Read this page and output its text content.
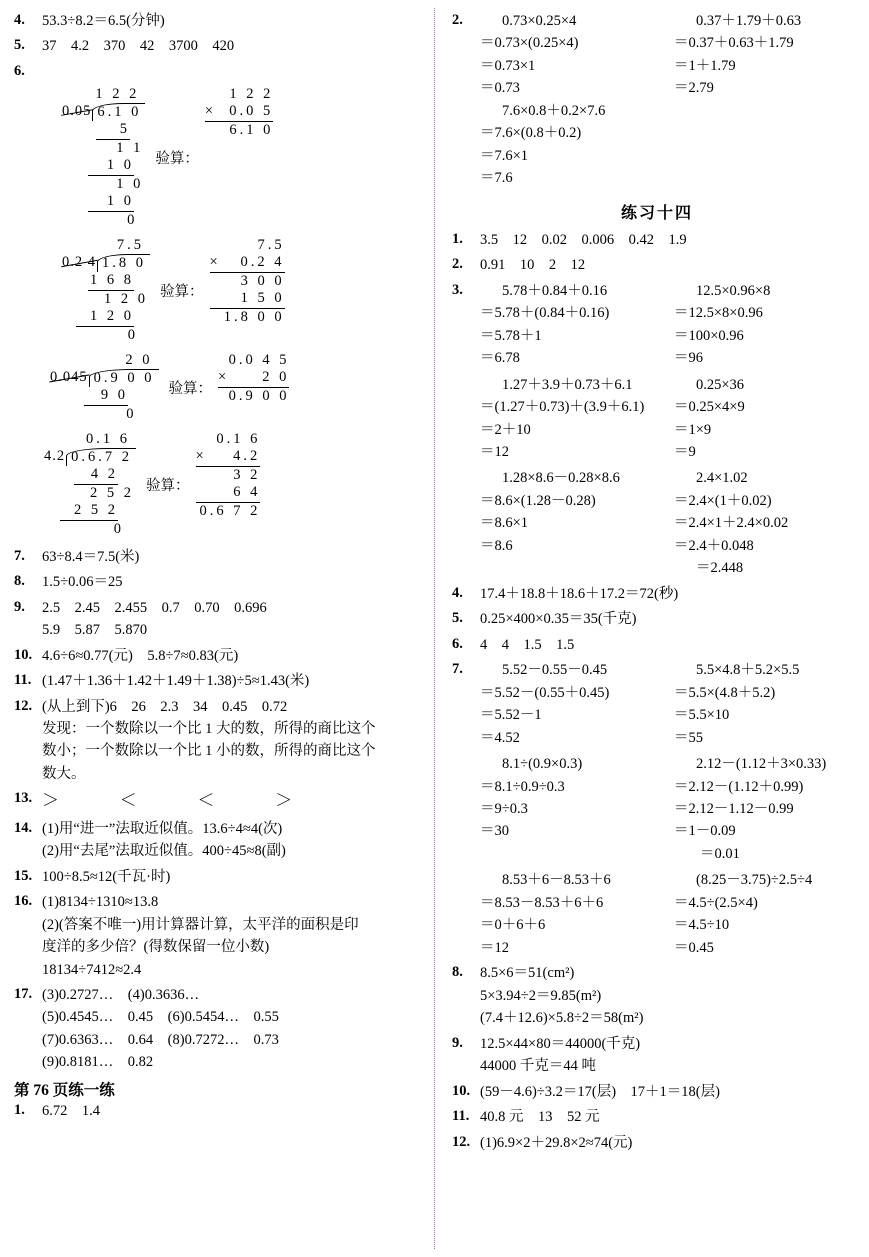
4.	53.3÷8.2＝6.5(分钟)
5.	37    4.2    370    42    3700    420
6.
1 2 2
0.05 6.1 0
5
1 1
1 0
1 0
1 0
0
验算：
1 2 2
×  0.0 5
6.1 0
7.5
0.2 4 1.8 0
1 6 8
1 2 0
1 2 0
0
验算：
7.5
×   0.2 4
3 0 0
1 5 0
1.8 0 0
2 0
0.045 0.9 0 0
9 0
0
验算：
0.0 4 5
×     2 0
0.9 0 0
0.1 6
4.2 0.6.7 2
4 2
2 5 2
2 5 2
0
验算：
0.1 6
×    4.2
3 2
6 4
0.6 7 2
7.	63÷8.4＝7.5(米)
8.	1.5÷0.06＝25
9.	2.5    2.45    2.455    0.7    0.70    0.696
5.9    5.87    5.870
10. 4.6÷6≈0.77(元)    5.8÷7≈0.83(元)
11. (1.47＋1.36＋1.42＋1.49＋1.38)÷5≈1.43(米)
12. (从上到下)6    26    2.3    34    0.45    0.72
发现：一个数除以一个比 1 大的数，所得的商比这个
数小；一个数除以一个比 1 小的数，所得的商比这个
数大。
13. ＞   ＜   ＜   ＞
14. (1)用“进一”法取近似值。13.6÷4≈4(次)
(2)用“去尾”法取近似值。400÷45≈8(副)
15. 100÷8.5≈12(千瓦·时)
16. (1)8134÷1310≈13.8
(2)(答案不唯一)用计算器计算，太平洋的面积是印
度洋的多少倍？(得数保留一位小数)
18134÷7412≈2.4
17. (3)0.2727…    (4)0.3636…
(5)0.4545…    0.45    (6)0.5454…    0.55
(7)0.6363…    0.64    (8)0.7272…    0.73
(9)0.8181…    0.82
第 76 页练一练
1.	6.72    1.4
2.	0.73×0.25×4
＝0.73×(0.25×4)
＝0.73×1
＝0.73
0.37＋1.79＋0.63
＝0.37＋0.63＋1.79
＝1＋1.79
＝2.79
7.6×0.8＋0.2×7.6
＝7.6×(0.8＋0.2)
＝7.6×1
＝7.6
练习十四
1.	3.5    12    0.02    0.006    0.42    1.9
2.	0.91    10    2    12
3.	5.78＋0.84＋0.16
＝5.78＋(0.84＋0.16)
＝5.78＋1
＝6.78
12.5×0.96×8
＝12.5×8×0.96
＝100×0.96
＝96
1.27＋3.9＋0.73＋6.1
＝(1.27＋0.73)＋(3.9＋6.1)
＝2＋10
＝12
0.25×36
＝0.25×4×9
＝1×9
＝9
1.28×8.6－0.28×8.6
＝8.6×(1.28－0.28)
＝8.6×1
＝8.6
2.4×1.02
＝2.4×(1＋0.02)
＝2.4×1＋2.4×0.02
＝2.4＋0.048
＝2.448
4.	17.4＋18.8＋18.6＋17.2＝72(秒)
5.	0.25×400×0.35＝35(千克)
6.	4    4    1.5    1.5
7.	5.52－0.55－0.45
＝5.52－(0.55＋0.45)
＝5.52－1
＝4.52
5.5×4.8＋5.2×5.5
＝5.5×(4.8＋5.2)
＝5.5×10
＝55
8.1÷(0.9×0.3)
＝8.1÷0.9÷0.3
＝9÷0.3
＝30
2.12－(1.12＋3×0.33)
＝2.12－(1.12＋0.99)
＝2.12－1.12－0.99
＝1－0.09
＝0.01
8.53＋6－8.53＋6
＝8.53－8.53＋6＋6
＝0＋6＋6
＝12
(8.25－3.75)÷2.5÷4
＝4.5÷(2.5×4)
＝4.5÷10
＝0.45
8.	8.5×6＝51(cm²)
5×3.94÷2＝9.85(m²)
(7.4＋12.6)×5.8÷2＝58(m²)
9.	12.5×44×80＝44000(千克)
44000 千克＝44 吨
10. (59－4.6)÷3.2＝17(层)    17＋1＝18(层)
11. 40.8 元    13    52 元
12. (1)6.9×2＋29.8×2≈74(元)
